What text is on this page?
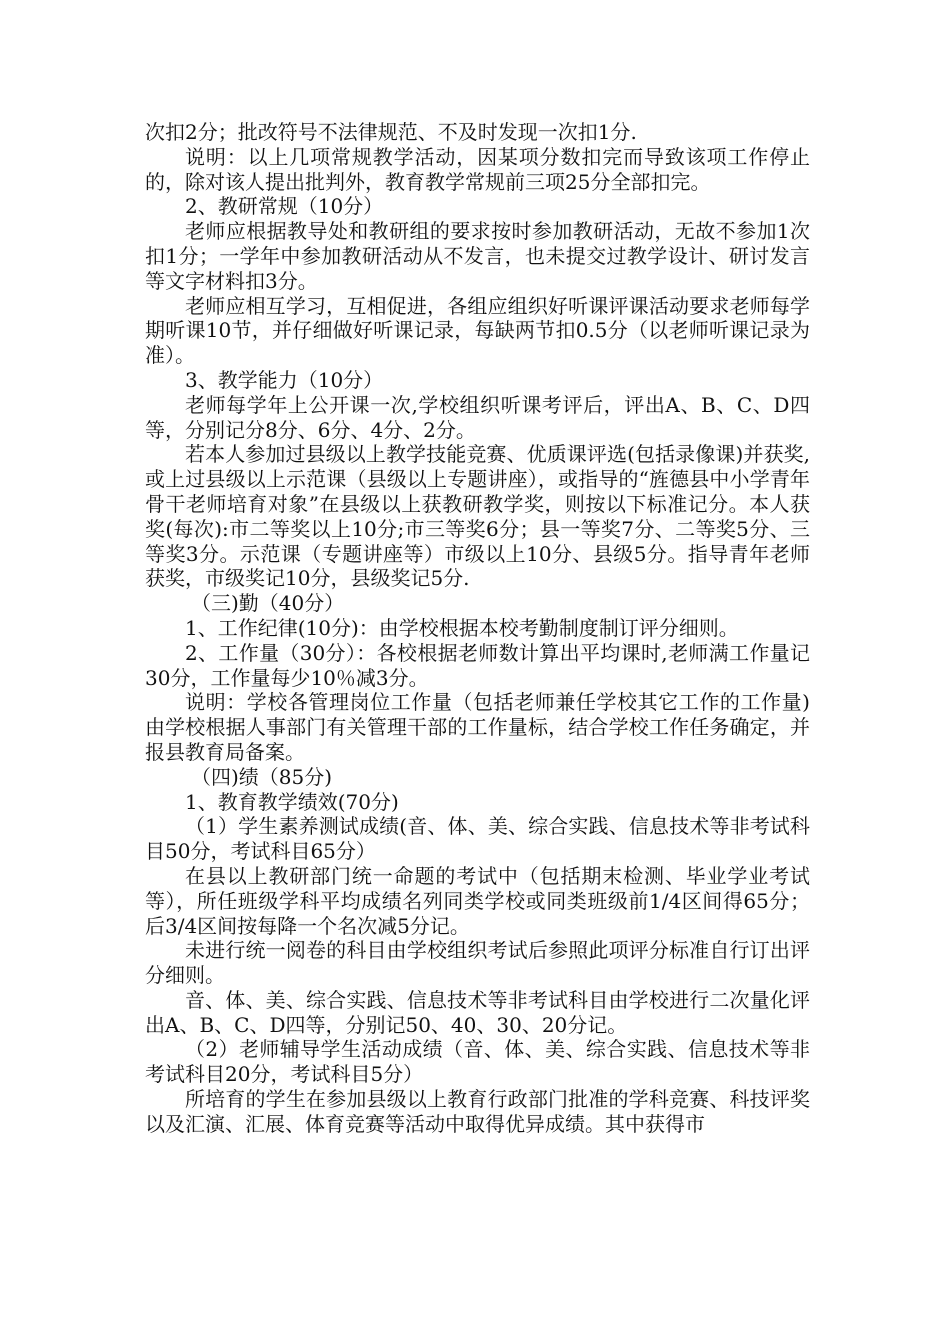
次扣2分；批改符号不法律规范、不及时发现一次扣1分.

说明：以上几项常规教学活动，因某项分数扣完而导致该项工作停止的，除对该人提出批判外，教育教学常规前三项25分全部扣完。

2、教研常规（10分）

老师应根据教导处和教研组的要求按时参加教研活动，无故不参加1次扣1分；一学年中参加教研活动从不发言，也未提交过教学设计、研讨发言等文字材料扣3分。

老师应相互学习，互相促进，各组应组织好听课评课活动要求老师每学期听课10节，并仔细做好听课记录，每缺两节扣0.5分（以老师听课记录为准）。

3、教学能力（10分）

老师每学年上公开课一次,学校组织听课考评后，评出A、B、C、D四等，分别记分8分、6分、4分、2分。

若本人参加过县级以上教学技能竞赛、优质课评选(包括录像课)并获奖,或上过县级以上示范课（县级以上专题讲座），或指导的“旌德县中小学青年骨干老师培育对象”在县级以上获教研教学奖，则按以下标准记分。本人获奖(每次):市二等奖以上10分;市三等奖6分；县一等奖7分、二等奖5分、三等奖3分。示范课（专题讲座等）市级以上10分、县级5分。指导青年老师获奖，市级奖记10分，县级奖记5分.

（三)勤（40分）

1、工作纪律(10分)：由学校根据本校考勤制度制订评分细则。

2、工作量（30分）：各校根据老师数计算出平均课时,老师满工作量记30分，工作量每少10％减3分。

说明：学校各管理岗位工作量（包括老师兼任学校其它工作的工作量)由学校根据人事部门有关管理干部的工作量标，结合学校工作任务确定，并报县教育局备案。

（四)绩（85分)

1、教育教学绩效(70分)

（1）学生素养测试成绩(音、体、美、综合实践、信息技术等非考试科目50分，考试科目65分）

在县以上教研部门统一命题的考试中（包括期末检测、毕业学业考试等），所任班级学科平均成绩名列同类学校或同类班级前1/4区间得65分；后3/4区间按每降一个名次减5分记。

未进行统一阅卷的科目由学校组织考试后参照此项评分标准自行订出评分细则。

音、体、美、综合实践、信息技术等非考试科目由学校进行二次量化评出A、B、C、D四等，分别记50、40、30、20分记。

（2）老师辅导学生活动成绩（音、体、美、综合实践、信息技术等非考试科目20分，考试科目5分）

所培育的学生在参加县级以上教育行政部门批准的学科竞赛、科技评奖以及汇演、汇展、体育竞赛等活动中取得优异成绩。其中获得市
